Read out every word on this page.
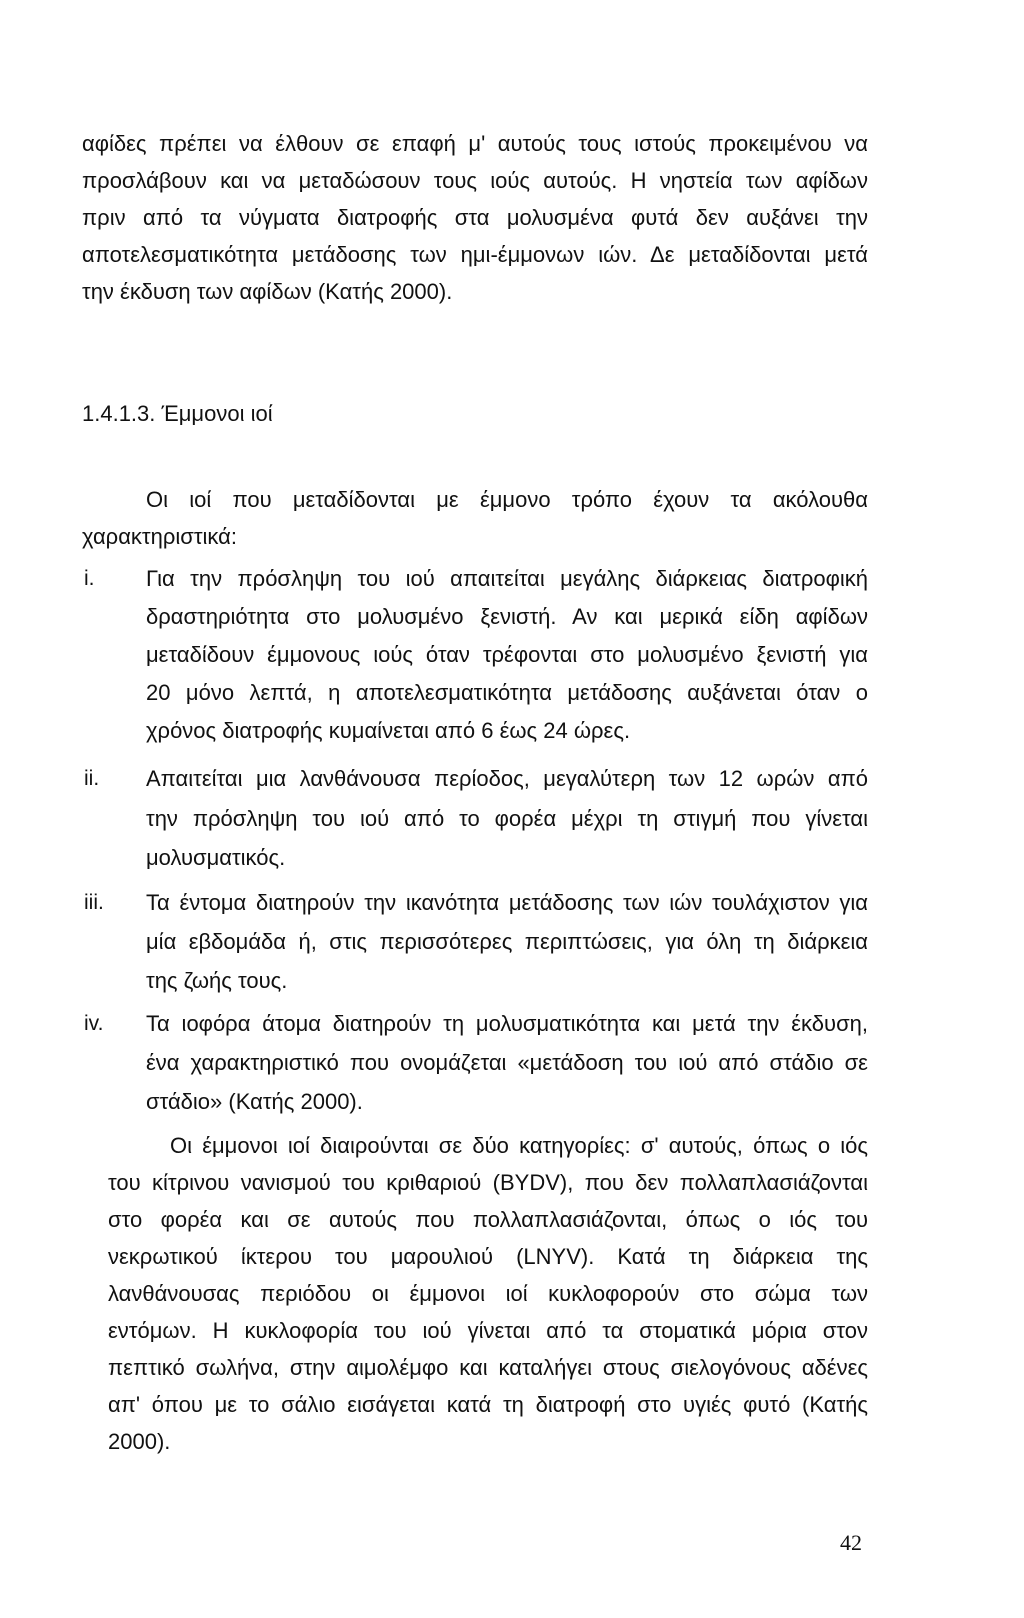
αφίδες πρέπει να έλθουν σε επαφή μ' αυτούς τους ιστούς προκειμένου να

προσλάβουν και να μεταδώσουν τους ιούς αυτούς. Η νηστεία των αφίδων

πριν από τα νύγματα διατροφής στα μολυσμένα φυτά δεν αυξάνει την

αποτελεσματικότητα μετάδοσης των ημι-έμμονων ιών. Δε μεταδίδονται μετά

την έκδυση των αφίδων (Κατής 2000).

1.4.1.3. Έμμονοι ιοί

Οι ιοί που μεταδίδονται με έμμονο τρόπο έχουν τα ακόλουθα

χαρακτηριστικά:

i. Για την πρόσληψη του ιού απαιτείται μεγάλης διάρκειας διατροφική

δραστηριότητα στο μολυσμένο ξενιστή. Αν και μερικά είδη αφίδων

μεταδίδουν έμμονους ιούς όταν τρέφονται στο μολυσμένο ξενιστή για

20 μόνο λεπτά, η αποτελεσματικότητα μετάδοσης αυξάνεται όταν ο

χρόνος διατροφής κυμαίνεται από 6 έως 24 ώρες.

ii. Απαιτείται μια λανθάνουσα περίοδος, μεγαλύτερη των 12 ωρών από

την πρόσληψη του ιού από το φορέα μέχρι τη στιγμή που γίνεται

μολυσματικός.

iii. Τα έντομα διατηρούν την ικανότητα μετάδοσης των ιών τουλάχιστον για

μία εβδομάδα ή, στις περισσότερες περιπτώσεις, για όλη τη διάρκεια

της ζωής τους.

iv. Τα ιοφόρα άτομα διατηρούν τη μολυσματικότητα και μετά την έκδυση,

ένα χαρακτηριστικό που ονομάζεται «μετάδοση του ιού από στάδιο σε

στάδιο» (Κατής 2000).

Οι έμμονοι ιοί διαιρούνται σε δύο κατηγορίες: σ' αυτούς, όπως ο ιός

του κίτρινου νανισμού του κριθαριού (BYDV), που δεν πολλαπλασιάζονται

στο φορέα και σε αυτούς που πολλαπλασιάζονται, όπως ο ιός του

νεκρωτικού ίκτερου του μαρουλιού (LNYV). Κατά τη διάρκεια της

λανθάνουσας περιόδου οι έμμονοι ιοί κυκλοφορούν στο σώμα των

εντόμων. Η κυκλοφορία του ιού γίνεται από τα στοματικά μόρια στον

πεπτικό σωλήνα, στην αιμολέμφο και καταλήγει στους σιελογόνους αδένες

απ' όπου με το σάλιο εισάγεται κατά τη διατροφή στο υγιές φυτό (Κατής

2000).

42
